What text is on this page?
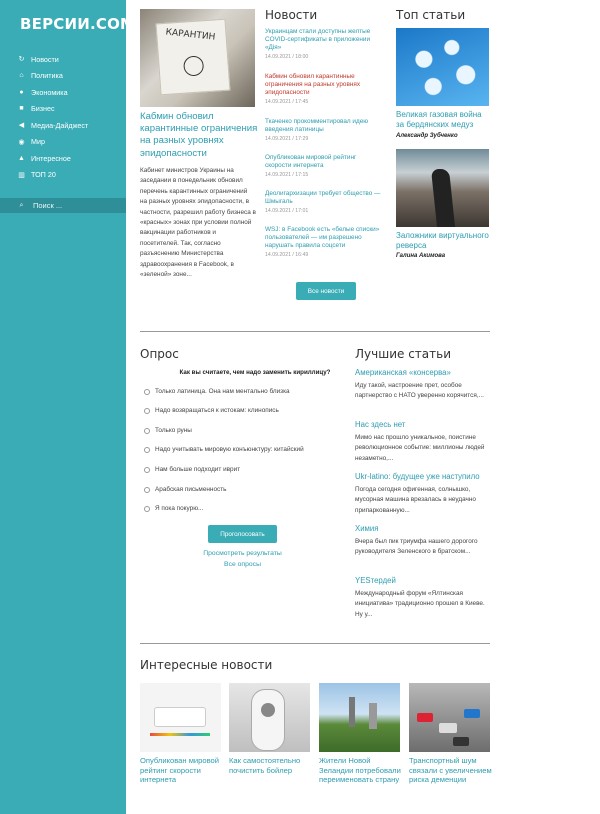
ВЕРСИИ.COM
↻ Новости
⌂	Политика
●	Экономика
■	Бизнес
◀ Медиа-Дайджест
◉ Мир
▲ Интересное
▥ ТОП 20
⌕
Поиск ...
КАРАНТИН
Кабмин обновил карантинные ограничения на разных уровнях эпидопасности
Кабинет министров Украины на заседании в понедельник обновил перечень карантинных ограничений на разных уровнях эпидопасности, в частности, разрешил работу бизнеса в «красных» зонах при условии полной вакцинации работников и посетителей. Так, согласно разъяснению Министерства здравоохранения в Facebook, в «зеленой» зоне...
Новости
Украинцам стали доступны желтые COVID-сертификаты в приложении «Дія»
14.09.2021 / 18:00
Кабмин обновил карантинные ограничения на разных уровнях эпидопасности
14.09.2021 / 17:45
Ткаченко прокомментировал идею введения латиницы
14.09.2021 / 17:29
Опубликован мировой рейтинг скорости интернета
14.09.2021 / 17:15
Деолигархизации требует общество — Шмыгаль
14.09.2021 / 17:01
WSJ: в Facebook есть «белые списки» пользователей — им разрешено нарушать правила соцсети
14.09.2021 / 16:49
Все новости
Топ статьи
Великая газовая война за бердянских медуз
Александр Зубченко
Заложники виртуального реверса
Галина Акимова
Опрос
Как вы считаете, чем надо заменить кириллицу?
Только латиница. Она нам ментально близка
Надо возвращаться к истокам: клинопись
Только руны
Надо учитывать мировую конъюнктуру: китайский
Нам больше подходит иврит
Арабская письменность
Я пока покурю...
Проголосовать
Просмотреть результаты
Все опросы
Лучшие статьи
Американская «консерва»
Иду такой, настроение прет, особое партнерство с НАТО уверенно корячится,...
Нас здесь нет
Мимо нас прошло уникальное, поистине революционное событие: миллионы людей незаметно,...
Ukr-latino: будущее уже наступило
Погода сегодня офигенная, солнышко, мусорная машина врезалась в неудачно припаркованную...
Химия
Вчера был пик триумфа нашего дорогого руководителя Зеленского в братском...
YESтердей
Международный форум «Ялтинская инициатива» традиционно прошел в Киеве. Ну у...
Интересные новости
Опубликован мировой рейтинг скорости интернета
Как самостоятельно почистить бойлер
Жители Новой Зеландии потребовали переименовать страну
Транспортный шум связали с увеличением риска деменции
